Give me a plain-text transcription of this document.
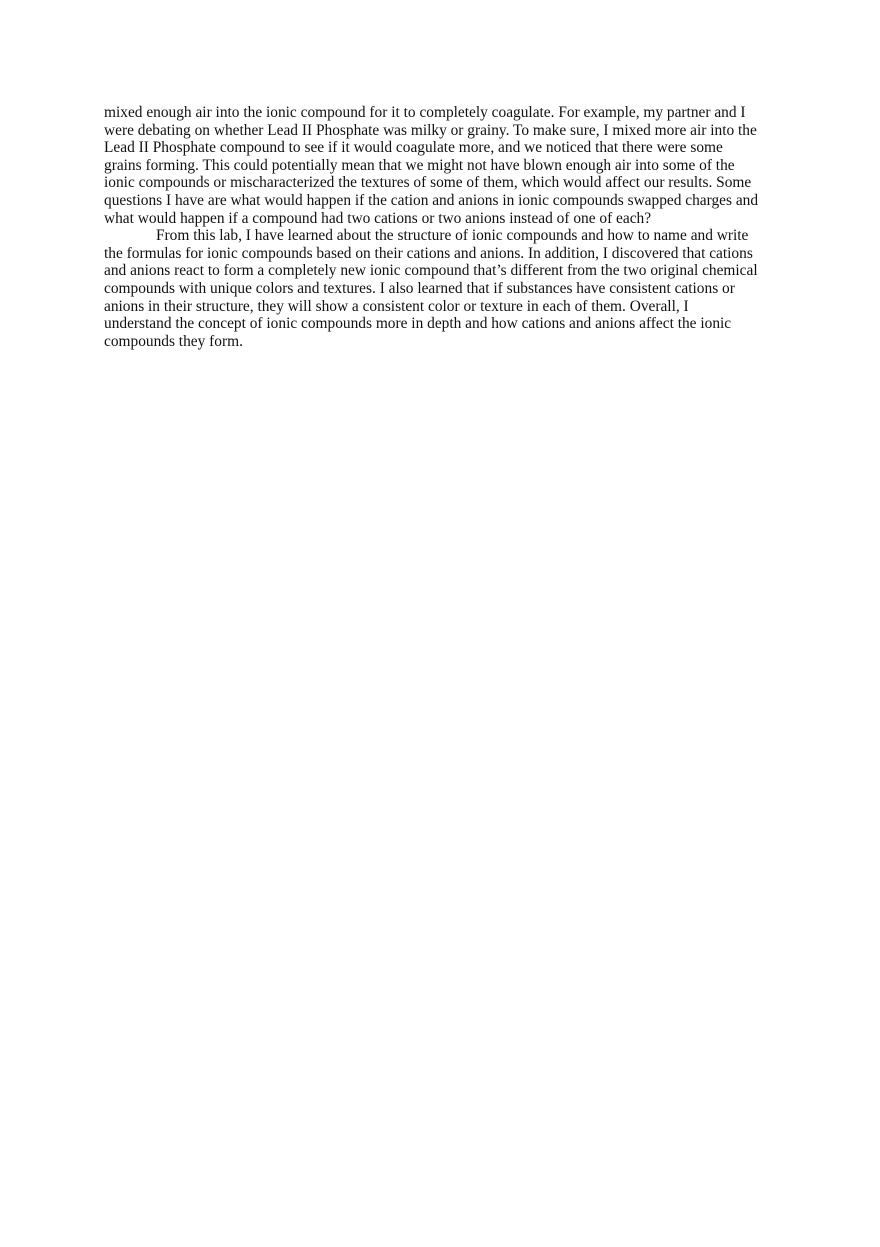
mixed enough air into the ionic compound for it to completely coagulate. For example, my partner and I
were debating on whether Lead II Phosphate was milky or grainy. To make sure, I mixed more air into the
Lead II Phosphate compound to see if it would coagulate more, and we noticed that there were some
grains forming. This could potentially mean that we might not have blown enough air into some of the
ionic compounds or mischaracterized the textures of some of them, which would affect our results. Some
questions I have are what would happen if the cation and anions in ionic compounds swapped charges and
what would happen if a compound had two cations or two anions instead of one of each?
From this lab, I have learned about the structure of ionic compounds and how to name and write
the formulas for ionic compounds based on their cations and anions. In addition, I discovered that cations
and anions react to form a completely new ionic compound that’s different from the two original chemical
compounds with unique colors and textures. I also learned that if substances have consistent cations or
anions in their structure, they will show a consistent color or texture in each of them. Overall, I
understand the concept of ionic compounds more in depth and how cations and anions affect the ionic
compounds they form.
